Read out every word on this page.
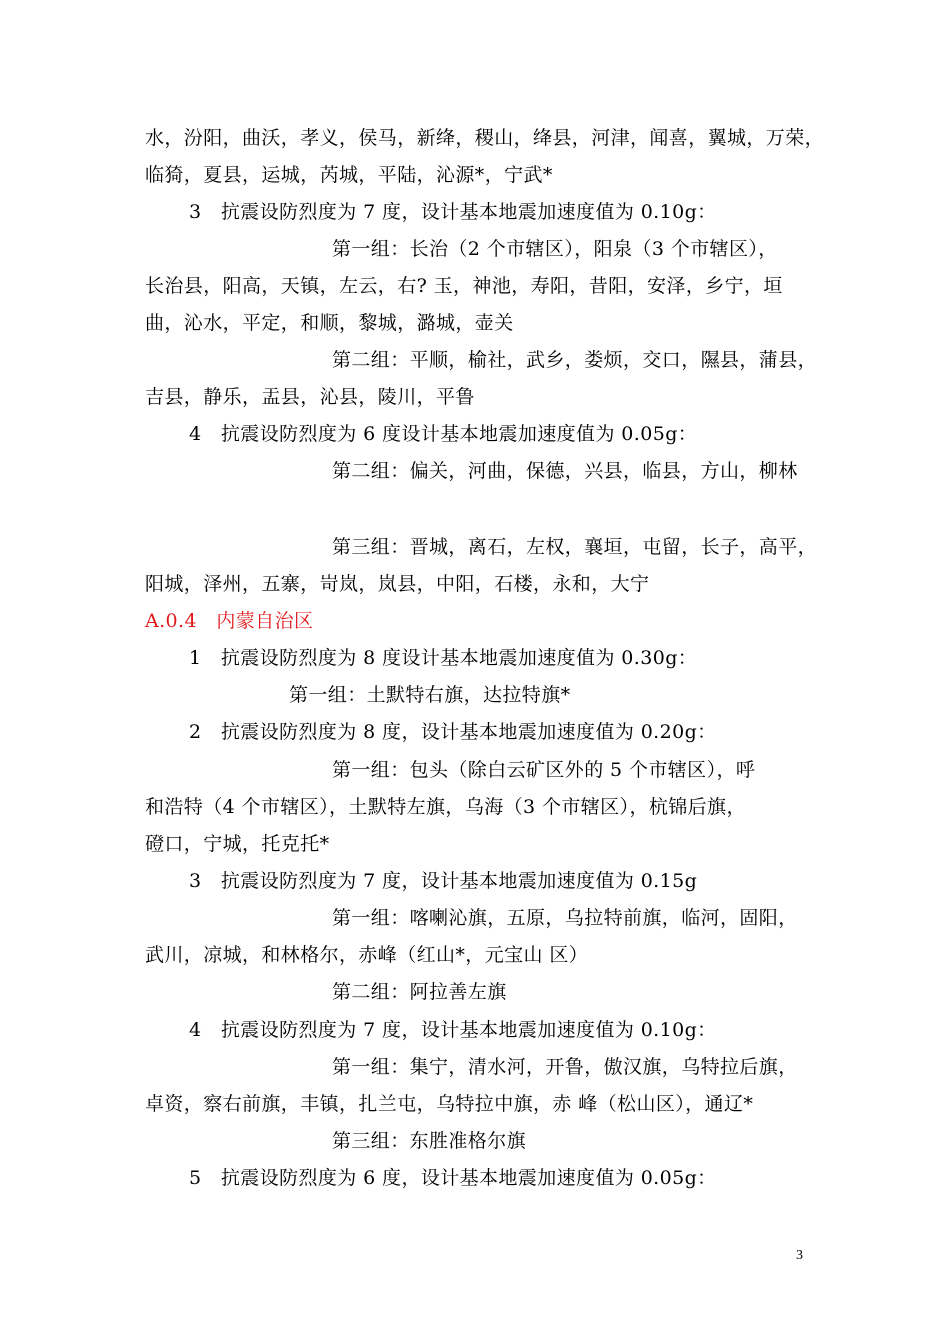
水，汾阳，曲沃，孝义，侯马，新绛，稷山，绛县，河津，闻喜，翼城，万荣，
临猗，夏县，运城，芮城，平陆，沁源*，宁武*
3　抗震设防烈度为 7 度，设计基本地震加速度值为 0.10g：
第一组：长治（2 个市辖区），阳泉（3 个市辖区），
长治县，阳高，天镇，左云，右? 玉，神池，寿阳，昔阳，安泽，乡宁，垣
曲，沁水，平定，和顺，黎城，潞城，壶关
第二组：平顺，榆社，武乡，娄烦，交口，隰县，蒲县，
吉县，静乐，盂县，沁县，陵川，平鲁
4　抗震设防烈度为 6 度设计基本地震加速度值为 0.05g：
第二组：偏关，河曲，保德，兴县，临县，方山，柳林
第三组：晋城，离石，左权，襄垣，屯留，长子，高平，
阳城，泽州，五寨，岢岚，岚县，中阳，石楼，永和，大宁
A.0.4　内蒙自治区
1　抗震设防烈度为 8 度设计基本地震加速度值为 0.30g：
第一组：土默特右旗，达拉特旗*
2　抗震设防烈度为 8 度，设计基本地震加速度值为 0.20g：
第一组：包头（除白云矿区外的 5 个市辖区），呼
和浩特（4 个市辖区），土默特左旗，乌海（3 个市辖区），杭锦后旗，
磴口，宁城，托克托*
3　抗震设防烈度为 7 度，设计基本地震加速度值为 0.15g
第一组：喀喇沁旗，五原，乌拉特前旗，临河，固阳，
武川，凉城，和林格尔，赤峰（红山*，元宝山 区）
第二组：阿拉善左旗
4　抗震设防烈度为 7 度，设计基本地震加速度值为 0.10g：
第一组：集宁，清水河，开鲁，傲汉旗，乌特拉后旗，
卓资，察右前旗，丰镇，扎兰屯，乌特拉中旗，赤 峰（松山区），通辽*
第三组：东胜准格尔旗
5　抗震设防烈度为 6 度，设计基本地震加速度值为 0.05g：
3
